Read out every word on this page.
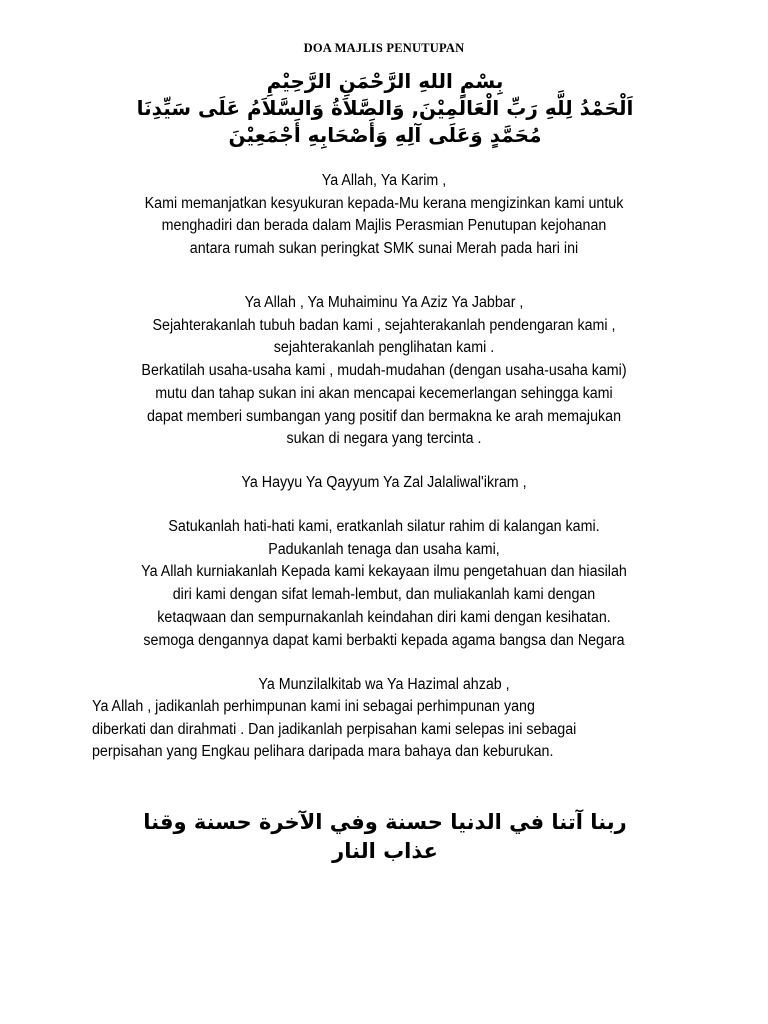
DOA MAJLIS PENUTUPAN
بِسْمِ اللهِ الرَّحْمَنِ الرَّحِيْمِ
اَلْحَمْدُ لِلَّهِ رَبِّ الْعَالَمِيْنَ, وَالصَّلاَةُ وَالسَّلاَمُ عَلَى سَيِّدِنَا
مُحَمَّدٍ وَعَلَى آلِهِ وَأَصْحَابِهِ أَجْمَعِيْنَ
Ya Allah, Ya Karim ,
Kami memanjatkan kesyukuran kepada-Mu kerana mengizinkan kami untuk
menghadiri dan berada dalam Majlis Perasmian Penutupan kejohanan
antara rumah sukan peringkat SMK sunai Merah pada hari ini
Ya Allah , Ya Muhaiminu Ya Aziz Ya Jabbar ,
Sejahterakanlah tubuh badan kami , sejahterakanlah pendengaran kami ,
sejahterakanlah penglihatan kami .
Berkatilah usaha-usaha kami , mudah-mudahan (dengan usaha-usaha kami)
mutu dan tahap sukan ini akan mencapai kecemerlangan sehingga kami
dapat memberi sumbangan yang positif dan bermakna ke arah memajukan
sukan di negara yang tercinta .
Ya Hayyu Ya Qayyum Ya Zal Jalaliwal'ikram ,
Satukanlah hati-hati kami, eratkanlah silatur rahim di kalangan kami.
Padukanlah tenaga dan usaha kami,
Ya Allah kurniakanlah Kepada kami kekayaan ilmu pengetahuan dan hiasilah
diri kami dengan sifat lemah-lembut, dan muliakanlah kami dengan
ketaqwaan dan sempurnakanlah keindahan diri kami dengan kesihatan.
semoga dengannya dapat kami berbakti kepada agama bangsa dan Negara
Ya Munzilalkitab wa Ya Hazimal ahzab ,
Ya Allah , jadikanlah perhimpunan kami ini sebagai perhimpunan yang
diberkati dan dirahmati . Dan jadikanlah perpisahan kami selepas ini sebagai
perpisahan yang Engkau pelihara daripada mara bahaya dan keburukan.
ربنا آتنا في الدنيا حسنة وفي الآخرة حسنة وقنا
عذاب النار
